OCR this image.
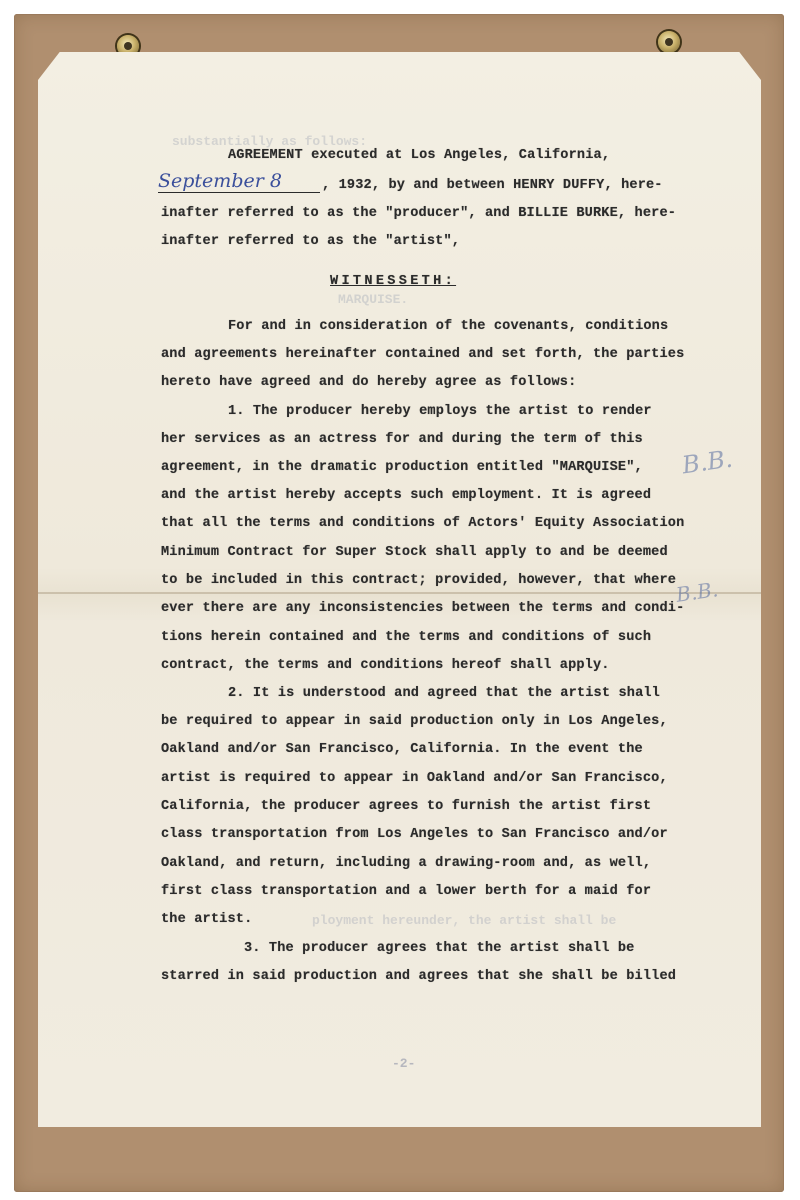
substantially as follows:
MARQUISE.
ployment hereunder, the artist shall be
AGREEMENT executed at Los Angeles, California,
September 8	, 1932, by and between HENRY DUFFY, here-
inafter referred to as the "producer", and BILLIE BURKE, here-
inafter referred to as the "artist",
WITNESSETH:
For and in consideration of the covenants, conditions
and agreements hereinafter contained and set forth, the parties
hereto have agreed and do hereby agree as follows:
1. The producer hereby employs the artist to render
her services as an actress for and during the term of this
agreement, in the dramatic production entitled "MARQUISE",
and the artist hereby accepts such employment. It is agreed
that all the terms and conditions of Actors' Equity Association
Minimum Contract for Super Stock shall apply to and be deemed
to be included in this contract; provided, however, that where
ever there are any inconsistencies between the terms and condi-
tions herein contained and the terms and conditions of such
contract, the terms and conditions hereof shall apply.
B.B.
B.B.
2. It is understood and agreed that the artist shall
be required to appear in said production only in Los Angeles,
Oakland and/or San Francisco, California. In the event the
artist is required to appear in Oakland and/or San Francisco,
California, the producer agrees to furnish the artist first
class transportation from Los Angeles to San Francisco and/or
Oakland, and return, including a drawing-room and, as well,
first class transportation and a lower berth for a maid for
the artist.
3. The producer agrees that the artist shall be
starred in said production and agrees that she shall be billed
-2-
